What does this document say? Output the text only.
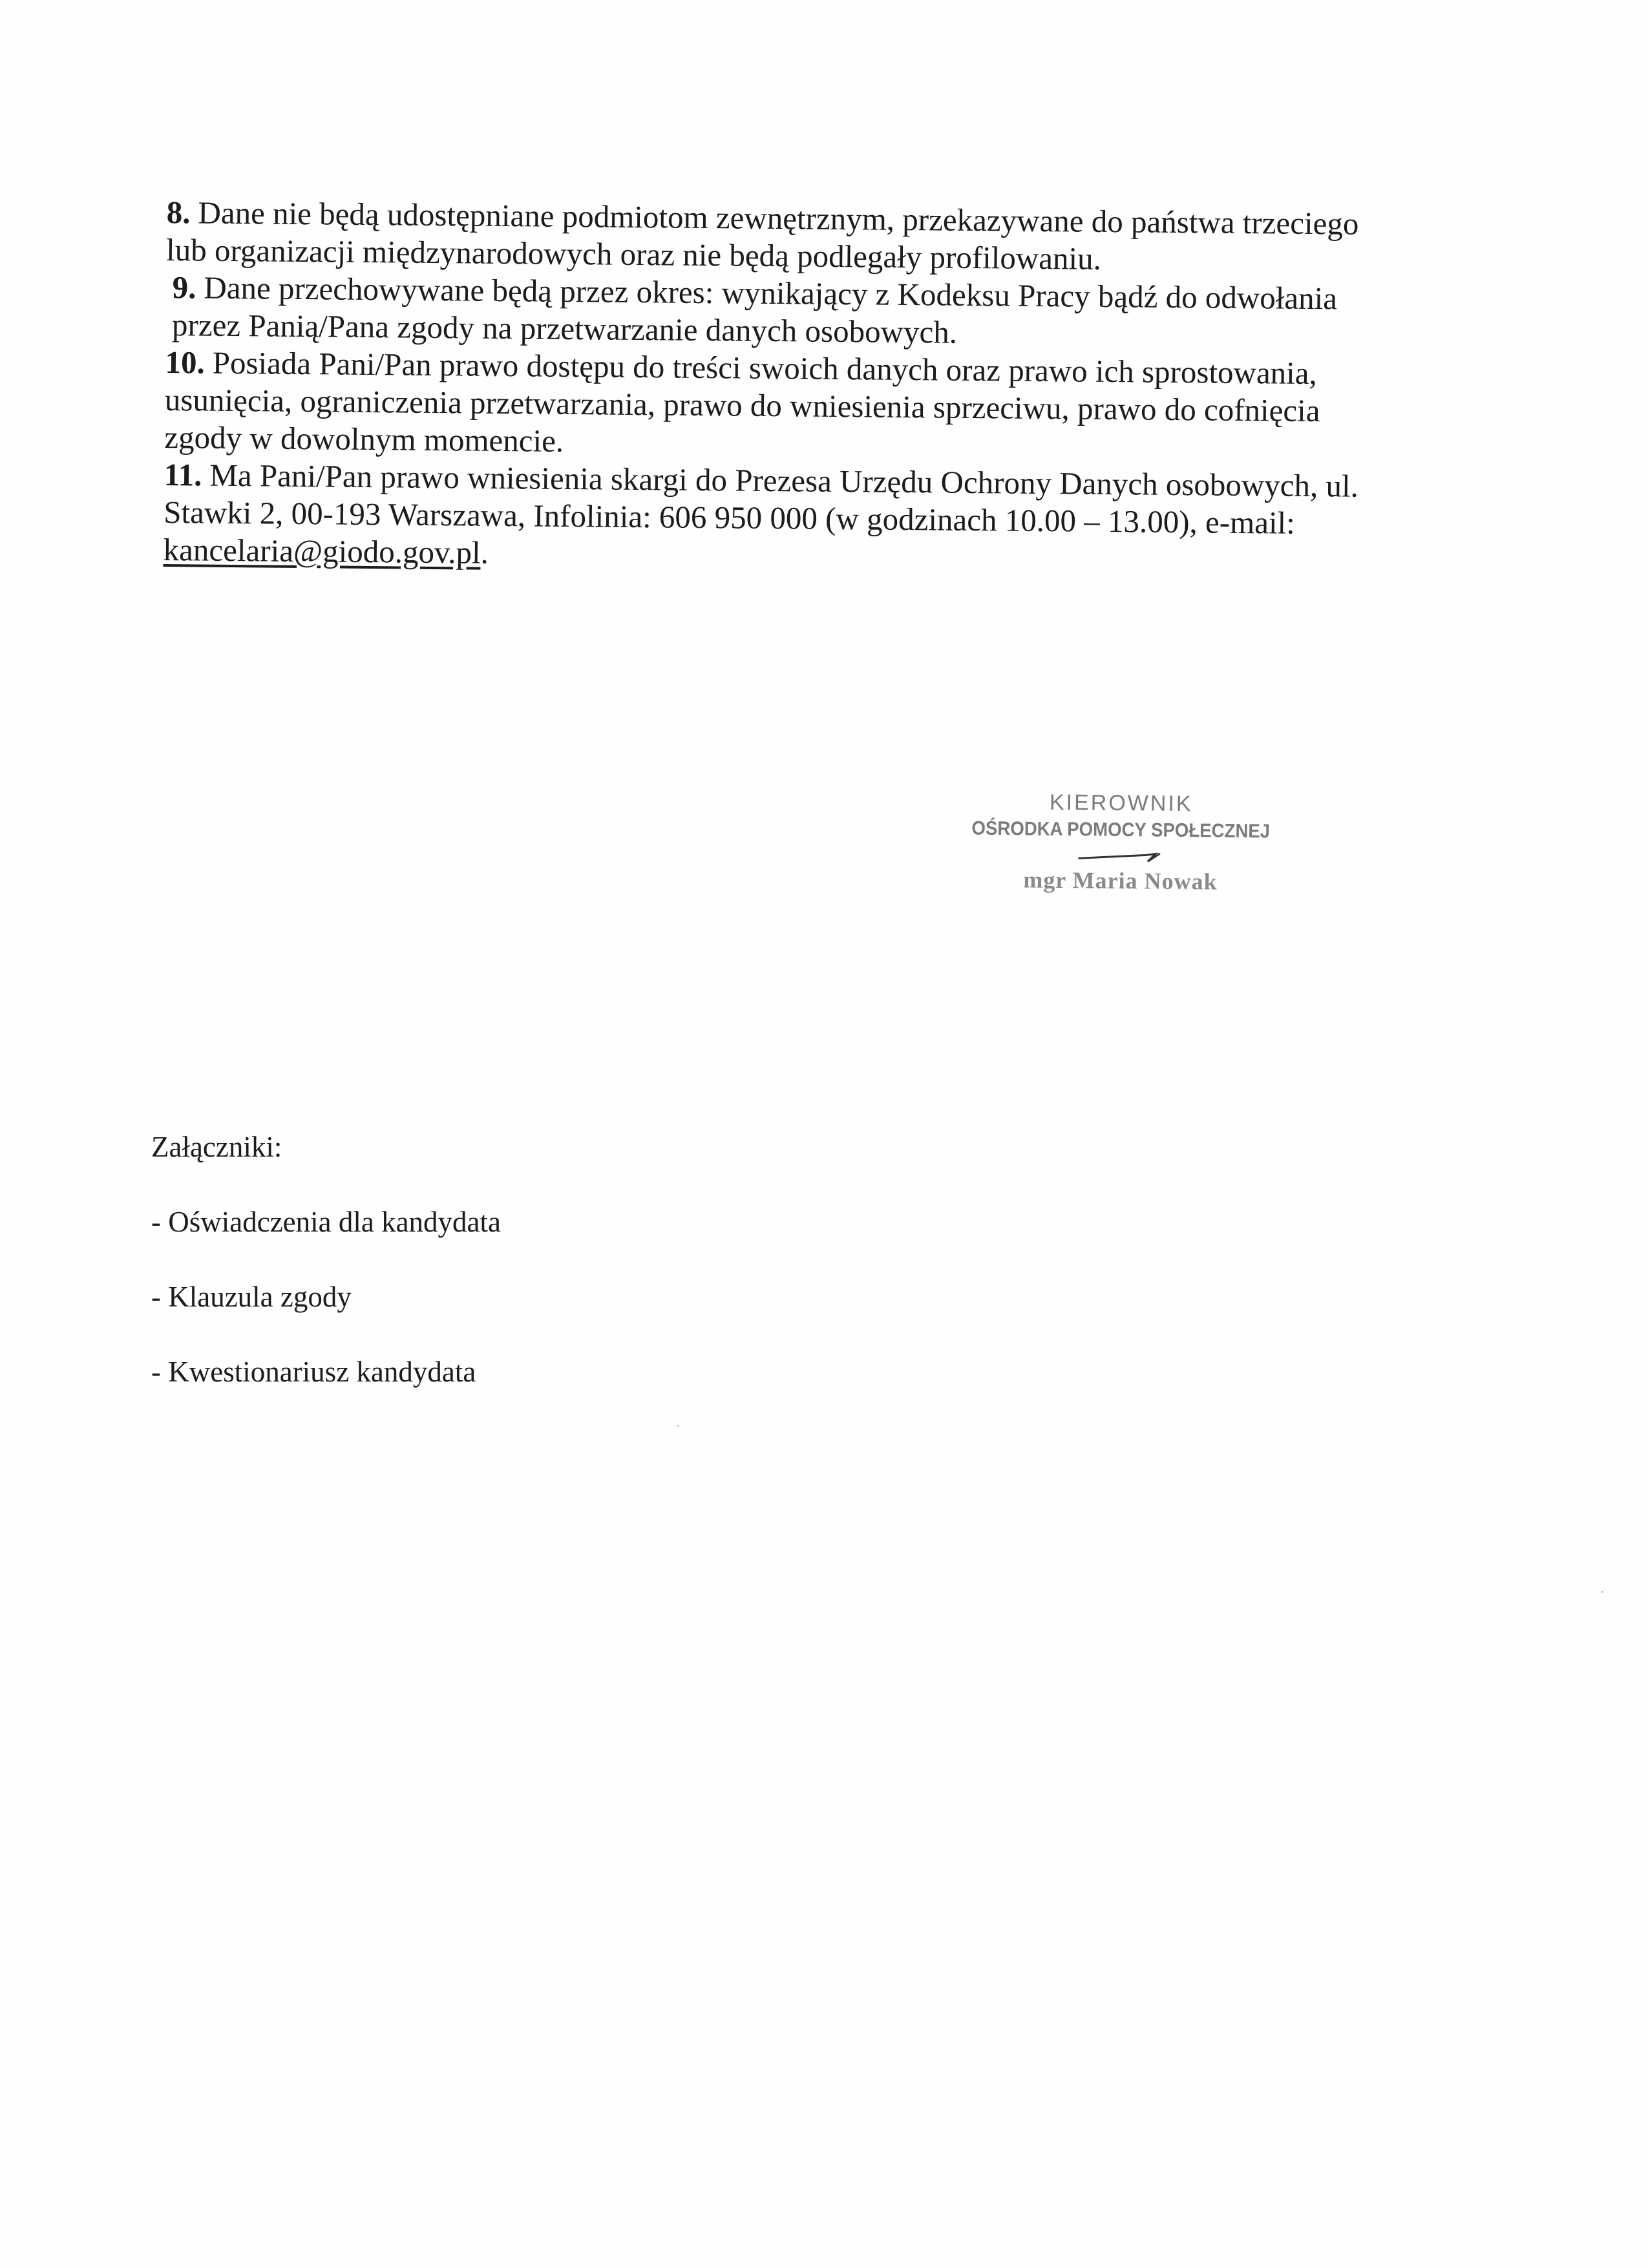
8. Dane nie będą udostępniane podmiotom zewnętrznym, przekazywane do państwa trzeciego
lub organizacji międzynarodowych oraz nie będą podlegały profilowaniu.

9. Dane przechowywane będą przez okres: wynikający z Kodeksu Pracy bądź do odwołania
przez Panią/Pana zgody na przetwarzanie danych osobowych.

10. Posiada Pani/Pan prawo dostępu do treści swoich danych oraz prawo ich sprostowania,
usunięcia, ograniczenia przetwarzania, prawo do wniesienia sprzeciwu, prawo do cofnięcia
zgody w dowolnym momencie.

11. Ma Pani/Pan prawo wniesienia skargi do Prezesa Urzędu Ochrony Danych osobowych, ul.
Stawki 2, 00-193 Warszawa, Infolinia: 606 950 000 (w godzinach 10.00 – 13.00), e-mail:
kancelaria@giodo.gov.pl.

KIEROWNIK
OŚRODKA POMOCY SPOŁECZNEJ
mgr Maria Nowak
Załączniki:
- Oświadczenia dla kandydata
- Klauzula zgody
- Kwestionariusz kandydata
